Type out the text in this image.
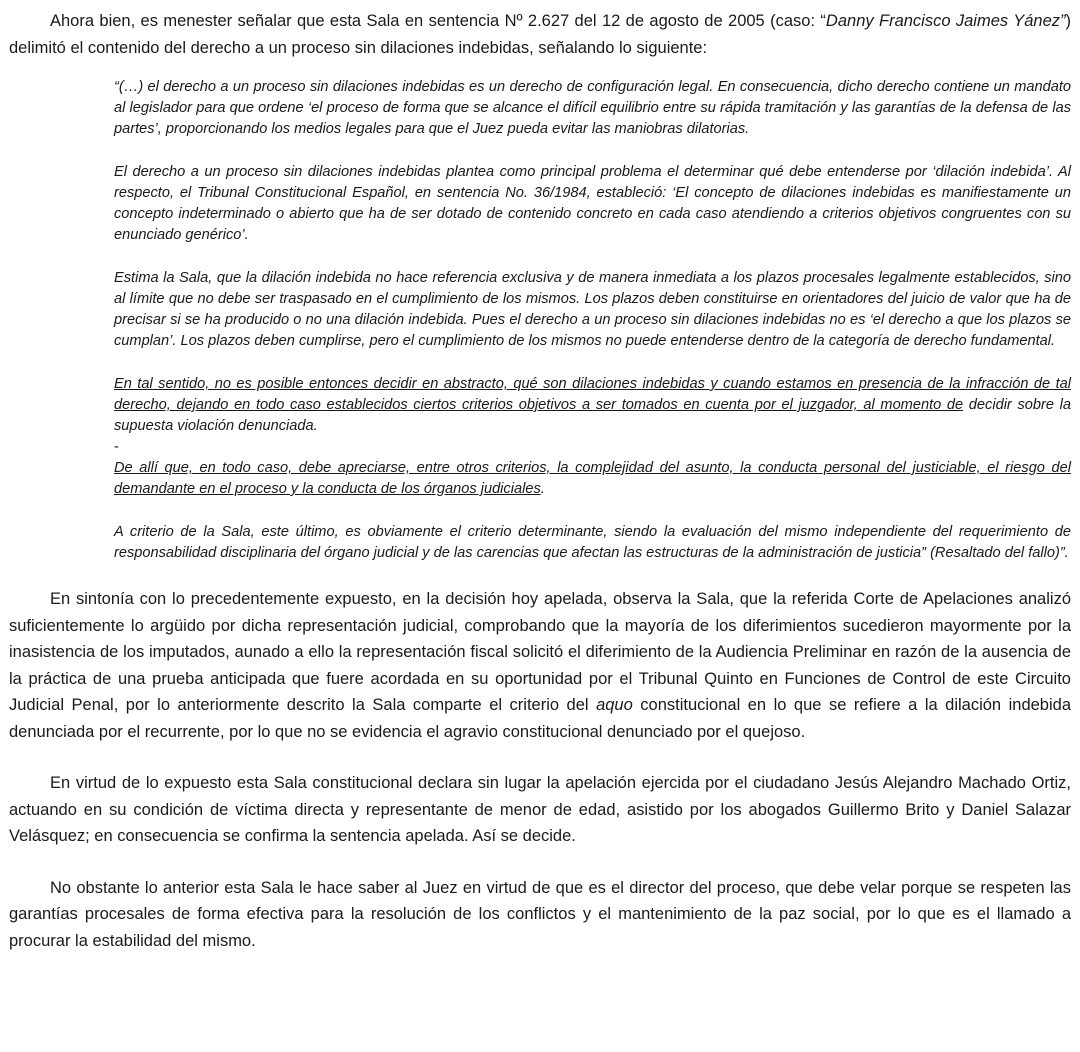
Ahora bien, es menester señalar que esta Sala en sentencia Nº 2.627 del 12 de agosto de 2005 (caso: “Danny Francisco Jaimes Yánez”) delimitó el contenido del derecho a un proceso sin dilaciones indebidas, señalando lo siguiente:

“(…) el derecho a un proceso sin dilaciones indebidas es un derecho de configuración legal. En consecuencia, dicho derecho contiene un mandato al legislador para que ordene ‘el proceso de forma que se alcance el difícil equilibrio entre su rápida tramitación y las garantías de la defensa de las partes’, proporcionando los medios legales para que el Juez pueda evitar las maniobras dilatorias.

El derecho a un proceso sin dilaciones indebidas plantea como principal problema el determinar qué debe entenderse por ‘dilación indebida’. Al respecto, el Tribunal Constitucional Español, en sentencia No. 36/1984, estableció: ‘El concepto de dilaciones indebidas es manifiestamente un concepto indeterminado o abierto que ha de ser dotado de contenido concreto en cada caso atendiendo a criterios objetivos congruentes con su enunciado genérico’.

Estima la Sala, que la dilación indebida no hace referencia exclusiva y de manera inmediata a los plazos procesales legalmente establecidos, sino al límite que no debe ser traspasado en el cumplimiento de los mismos. Los plazos deben constituirse en orientadores del juicio de valor que ha de precisar si se ha producido o no una dilación indebida. Pues el derecho a un proceso sin dilaciones indebidas no es ‘el derecho a que los plazos se cumplan’. Los plazos deben cumplirse, pero el cumplimiento de los mismos no puede entenderse dentro de la categoría de derecho fundamental.

En tal sentido, no es posible entonces decidir en abstracto, qué son dilaciones indebidas y cuando estamos en presencia de la infracción de tal derecho, dejando en todo caso establecidos ciertos criterios objetivos a ser tomados en cuenta por el juzgador, al momento de decidir sobre la supuesta violación denunciada.

-

De allí que, en todo caso, debe apreciarse, entre otros criterios, la complejidad del asunto, la conducta personal del justiciable, el riesgo del demandante en el proceso y la conducta de los órganos judiciales.

A criterio de la Sala, este último, es obviamente el criterio determinante, siendo la evaluación del mismo independiente del requerimiento de responsabilidad disciplinaria del órgano judicial y de las carencias que afectan las estructuras de la administración de justicia” (Resaltado del fallo)”.

En sintonía con lo precedentemente expuesto, en la decisión hoy apelada, observa la Sala, que la referida Corte de Apelaciones analizó suficientemente lo argüido por dicha representación judicial, comprobando que la mayoría de los diferimientos sucedieron mayormente por la inasistencia de los imputados, aunado a ello la representación fiscal solicitó el diferimiento de la Audiencia Preliminar en razón de la ausencia de la práctica de una prueba anticipada que fuere acordada en su oportunidad por el Tribunal Quinto en Funciones de Control de este Circuito Judicial Penal, por lo anteriormente descrito la Sala comparte el criterio del aquo constitucional en lo que se refiere a la dilación indebida denunciada por el recurrente, por lo que no se evidencia el agravio constitucional denunciado por el quejoso.

En virtud de lo expuesto esta Sala constitucional declara sin lugar la apelación ejercida por el ciudadano Jesús Alejandro Machado Ortiz, actuando en su condición de víctima directa y representante de menor de edad, asistido por los abogados Guillermo Brito y Daniel Salazar Velásquez; en consecuencia se confirma la sentencia apelada. Así se decide.

No obstante lo anterior esta Sala le hace saber al Juez en virtud de que es el director del proceso, que debe velar porque se respeten las garantías procesales de forma efectiva para la resolución de los conflictos y el mantenimiento de la paz social, por lo que es el llamado a procurar la estabilidad del mismo.
